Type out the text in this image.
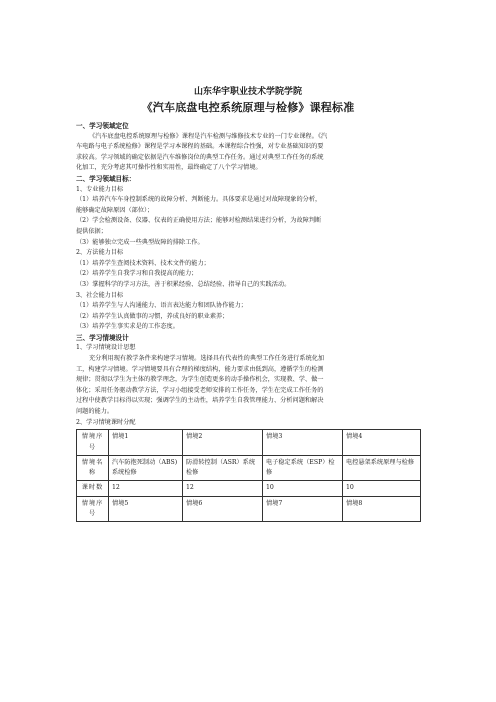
山东华宇职业技术学院学院
《汽车底盘电控系统原理与检修》课程标准
一、学习领域定位
《汽车底盘电控系统原理与检修》课程是汽车检测与维修技术专业的一门专业课程。《汽
车电路与电子系统检修》课程是学习本课程的基础。本课程综合性强，对专业基础知识的要
求较高。学习领域的确定依据是汽车维修岗位的典型工作任务。通过对典型工作任务的系统
化加工，充分考虑其可操作性和实用性，最终确定了八个学习情境。
二、学习领域目标：
1、专业能力目标
（1）培养汽车车身控制系统的故障分析、判断能力。具体要求是通过对故障现象的分析，
能够确定故障原因（部位）；
（2）学会检测设备、仪器、仪表的正确使用方法；能够对检测结果进行分析，为故障判断
提供依据；
（3）能够独立完成一些典型故障的排除工作。
2、方法能力目标
（1）培养学生查阅技术资料、技术文件的能力；
（2）培养学生自我学习和自我提高的能力；
（3）掌握科学的学习方法，善于积累经验、总结经验、指导自己的实践活动。
3、社会能力目标
（1）培养学生与人沟通能力、语言表达能力和团队协作能力；
（2）培养学生认真做事的习惯，养成良好的职业素养；
（3）培养学生事实求是的工作态度。
三、学习情境设计
1、学习情境设计思想
充分利用现有教学条件来构建学习情境。选择具有代表性的典型工作任务进行系统化加
工，构建学习情境。学习情境要具有合理的梯度结构，能力要求由低到高，遵循学生的检测
规律；贯彻以学生为主体的教学理念，为学生创造更多的动手操作机会，实现教、学、做一
体化；采用任务驱动教学方法，学习小组接受老师安排的工作任务，学生在完成工作任务的
过程中使教学目标得以实现；强调学生的主动性，培养学生自我管理能力、分析问题和解决
问题的能力。
2、学习情境课时分配
情境序号	情境1	情境2	情境3	情境4
情境名称	汽车防抱死制动（ABS)系统检修	防滑转控制（ASR）系统检修	电子稳定系统（ESP）检修	电控悬架系统原理与检修
课时数	12	12	10	10
情境序号	情境5	情境6	情境7	情境8
